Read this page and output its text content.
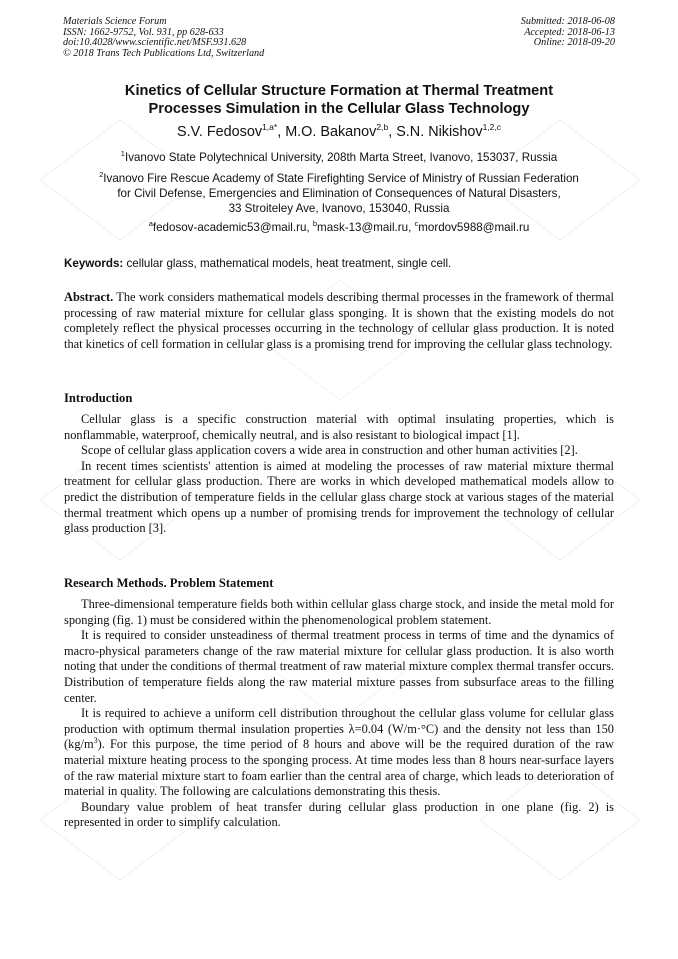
Materials Science Forum
ISSN: 1662-9752, Vol. 931, pp 628-633
doi:10.4028/www.scientific.net/MSF.931.628
© 2018 Trans Tech Publications Ltd, Switzerland
Submitted: 2018-06-08
Accepted: 2018-06-13
Online: 2018-09-20
Kinetics of Cellular Structure Formation at Thermal Treatment
Processes Simulation in the Cellular Glass Technology
S.V. Fedosov$^{1,a*}$, M.O. Bakanov$^{2,b}$, S.N. Nikishov$^{1,2,c}$
$^1$Ivanovo State Polytechnical University, 208th Marta Street, Ivanovo, 153037, Russia
$^2$Ivanovo Fire Rescue Academy of State Firefighting Service of Ministry of Russian Federation
for Civil Defense, Emergencies and Elimination of Consequences of Natural Disasters,
33 Stroiteley Ave, Ivanovo, 153040, Russia
$^a$fedosov-academic53@mail.ru, $^b$mask-13@mail.ru, $^c$mordov5988@mail.ru
Keywords: cellular glass, mathematical models, heat treatment, single cell.

Abstract. The work considers mathematical models describing thermal processes in the framework of thermal processing of raw material mixture for cellular glass sponging. It is shown that the existing models do not completely reflect the physical processes occurring in the technology of cellular glass production. It is noted that kinetics of cell formation in cellular glass is a promising trend for improving the cellular glass technology.

Introduction

Cellular glass is a specific construction material with optimal insulating properties, which is nonflammable, waterproof, chemically neutral, and is also resistant to biological impact [1].

Scope of cellular glass application covers a wide area in construction and other human activities [2].

In recent times scientists' attention is aimed at modeling the processes of raw material mixture thermal treatment for cellular glass production. There are works in which developed mathematical models allow to predict the distribution of temperature fields in the cellular glass charge stock at various stages of the material thermal treatment which opens up a number of promising trends for improvement the technology of cellular glass production [3].

Research Methods. Problem Statement

Three-dimensional temperature fields both within cellular glass charge stock, and inside the metal mold for sponging (fig. 1) must be considered within the phenomenological problem statement.

It is required to consider unsteadiness of thermal treatment process in terms of time and the dynamics of macro-physical parameters change of the raw material mixture for cellular glass production. It is also worth noting that under the conditions of thermal treatment of raw material mixture complex thermal transfer occurs. Distribution of temperature fields along the raw material mixture passes from subsurface areas to the filling center.

It is required to achieve a uniform cell distribution throughout the cellular glass volume for cellular glass production with optimum thermal insulation properties λ=0.04 (W/m·°C) and the density not less than 150 $(kg/m^3)$. For this purpose, the time period of 8 hours and above will be the required duration of the raw material mixture heating process to the sponging process. At time modes less than 8 hours near-surface layers of the raw material mixture start to foam earlier than the central area of charge, which leads to deterioration of material in quality. The following are calculations demonstrating this thesis.

Boundary value problem of heat transfer during cellular glass production in one plane (fig. 2) is represented in order to simplify calculation.
